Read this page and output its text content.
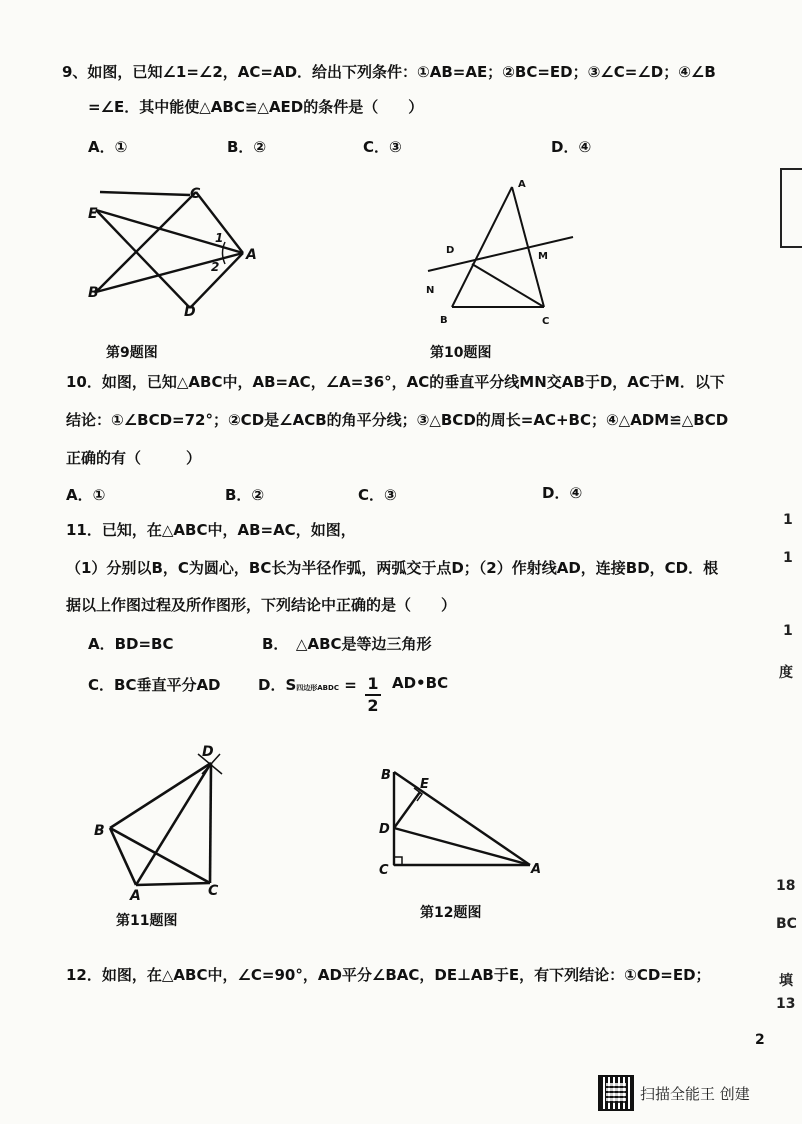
9、如图，已知∠1=∠2，AC=AD．给出下列条件：①AB=AE；②BC=ED；③∠C=∠D；④∠B
=∠E．其中能使△ABC≌△AED的条件是（　　）
A．①	B．②	C．③	D．④
E
C
A
B
D
1
2
第9题图
A
D
M
N
B	C
第10题图
10．如图，已知△ABC中，AB=AC，∠A=36°，AC的垂直平分线MN交AB于D，AC于M．以下
结论：①∠BCD=72°；②CD是∠ACB的角平分线；③△BCD的周长=AC+BC；④△ADM≌△BCD
正确的有（　　　）
A．①	B．②	C．③	D．④
11．已知，在△ABC中，AB=AC，如图，
（1）分别以B，C为圆心，BC长为半径作弧，两弧交于点D；（2）作射线AD，连接BD，CD．根
据以上作图过程及所作图形，下列结论中正确的是（　　）
A．BD=BC	B．　△ABC是等边三角形
C．BC垂直平分AD D．S四边形ABDC = $\frac{1}{2}$ AD•BC
D
B
A	C
第11题图
B
E
D
C	A
第12题图
12．如图，在△ABC中，∠C=90°，AD平分∠BAC，DE⊥AB于E，有下列结论：①CD=ED；
1
1
1
度
18
BC
填
13
2
扫描全能王 创建
